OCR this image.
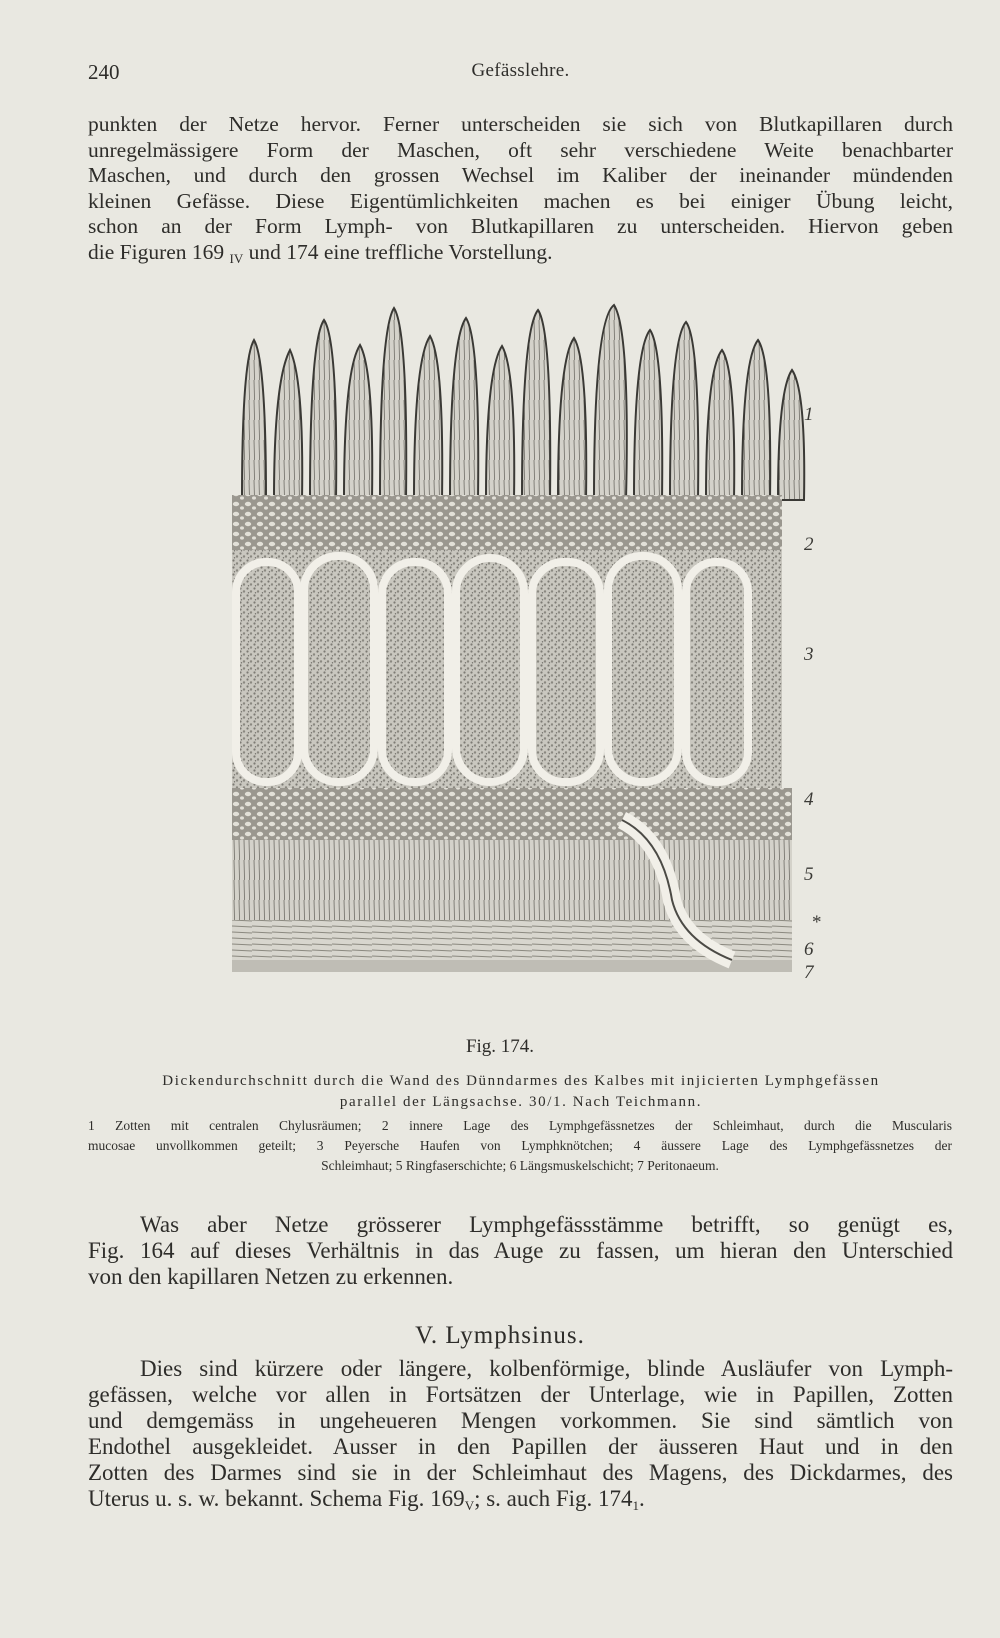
240	Gefässlehre.
punkten der Netze hervor. Ferner unterscheiden sie sich von Blutkapillaren durch
unregelmässigere Form der Maschen, oft sehr verschiedene Weite benachbarter
Maschen, und durch den grossen Wechsel im Kaliber der ineinander mündenden
kleinen Gefässe. Diese Eigentümlichkeiten machen es bei einiger Übung leicht,
schon an der Form Lymph- von Blutkapillaren zu unterscheiden. Hiervon geben
die Figuren 169 $_{IV}$ und 174 eine treffliche Vorstellung.
1
2
3
4
5
*
6
7
Fig. 174.
Dickendurchschnitt durch die Wand des Dünndarmes des Kalbes mit injicierten Lymphgefässen
parallel der Längsachse. 30/1. Nach Teichmann.
1 Zotten mit centralen Chylusräumen; 2 innere Lage des Lymphgefässnetzes der Schleimhaut, durch die Muscularis
mucosae unvollkommen geteilt; 3 Peyersche Haufen von Lymphknötchen; 4 äussere Lage des Lymphgefässnetzes der
Schleimhaut; 5 Ringfaserschichte; 6 Längsmuskelschicht; 7 Peritonaeum.
Was aber Netze grösserer Lymphgefässstämme betrifft, so genügt es,
Fig. 164 auf dieses Verhältnis in das Auge zu fassen, um hieran den Unterschied
von den kapillaren Netzen zu erkennen.
V. Lymphsinus.
Dies sind kürzere oder längere, kolbenförmige, blinde Ausläufer von Lymph-
gefässen, welche vor allen in Fortsätzen der Unterlage, wie in Papillen, Zotten
und demgemäss in ungeheueren Mengen vorkommen. Sie sind sämtlich von
Endothel ausgekleidet. Ausser in den Papillen der äusseren Haut und in den
Zotten des Darmes sind sie in der Schleimhaut des Magens, des Dickdarmes, des
Uterus u. s. w. bekannt. Schema Fig. $169_V$; s. auch Fig. $174_1$.
